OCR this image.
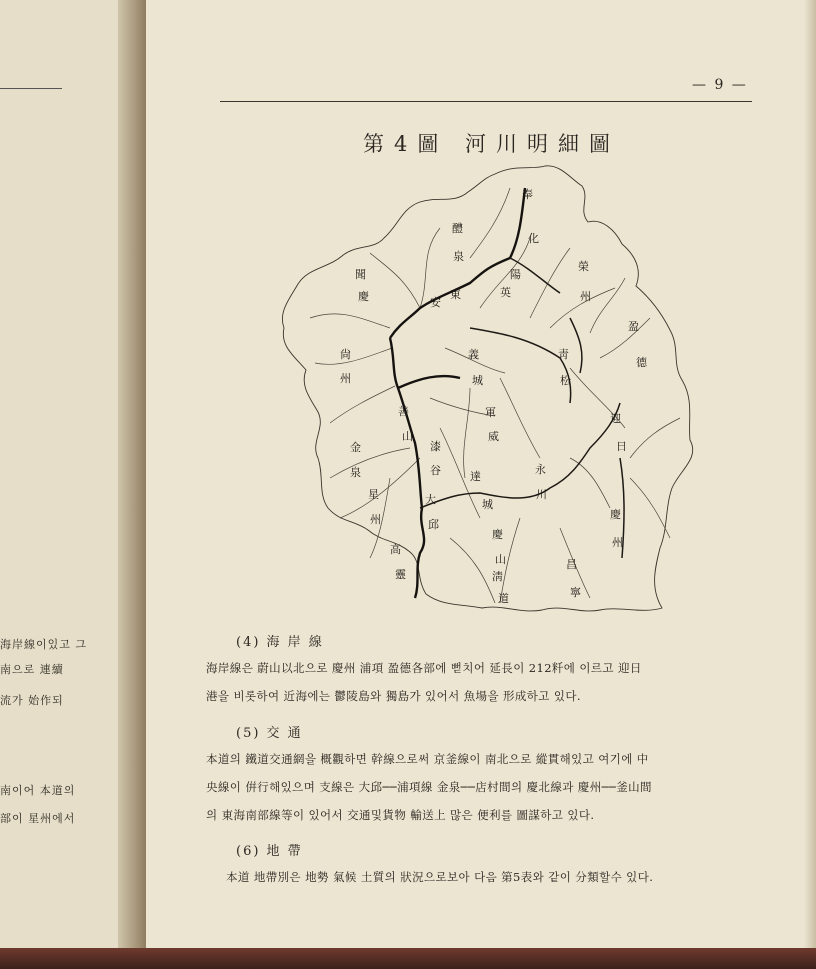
海岸線이있고 그
南으로 連續
流가 始作되
南이어 本道의
部이 星州에서
— 9 —
第4圖 河川明細圖
奉
化
榮
州
醴
泉
聞
慶
尙
州
安
東
義
城
英
陽
盈
德
軍
威
漆
谷
善
山
金
泉
星
州
高
靈
達
城
大
邱
永
川
慶
山
淸
道
迎
日
慶
州
昌
寧
靑
松
(4) 海 岸 線
海岸線은 蔚山以北으로 慶州 浦項 盈德各部에 뻗치어 延長이 212粁에 이르고 迎日
港을 비롯하여 近海에는 鬱陵島와 獨島가 있어서 魚場을 形成하고 있다.
(5) 交 通
本道의 鐵道交通網을 概觀하면 幹線으로써 京釜線이 南北으로 縱貫해있고 여기에 中
央線이 倂行해있으며 支線은 大邱──浦項線 金泉──店村間의 慶北線과 慶州──釜山間
의 東海南部線等이 있어서 交通및貨物 輸送上 많은 便利를 圖謀하고 있다.
(6) 地 帶
本道 地帶別은 地勢 氣候 土質의 狀況으로보아 다음 第5表와 같이 分類할수 있다.
